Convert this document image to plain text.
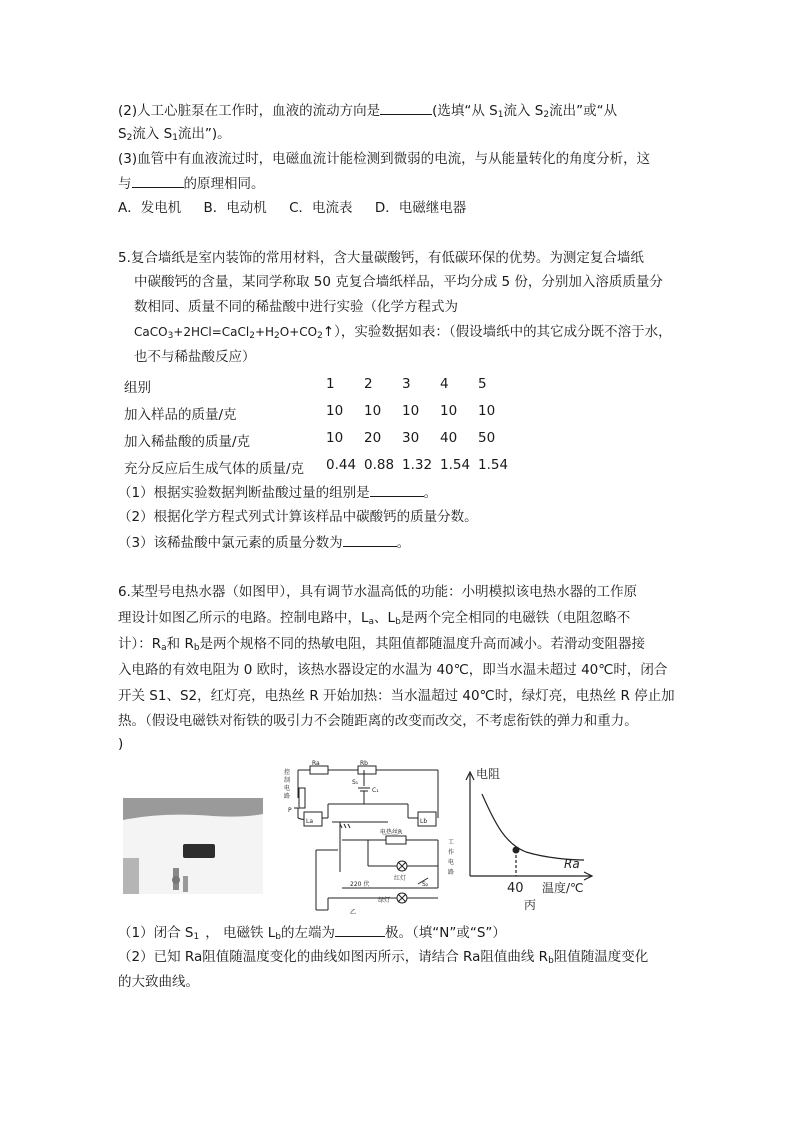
(2)人工心脏泵在工作时，血液的流动方向是	(选填“从 $S_1$流入 $S_2$流出”或“从
$S_2$流入 $S_1$流出”)。
(3)血管中有血液流过时，电磁血流计能检测到微弱的电流，与从能量转化的角度分析，这
与	的原理相同。
A．发电机 B．电动机 C．电流表 D．电磁继电器
5.复合墙纸是室内装饰的常用材料，含大量碳酸钙，有低碳环保的优势。为测定复合墙纸
中碳酸钙的含量，某同学称取 50 克复合墙纸样品，平均分成 5 份，分别加入溶质质量分
数相同、质量不同的稀盐酸中进行实验（化学方程式为
$CaCO_3+2HCl=CaCl_2+H_2O+CO_2↑$），实验数据如表：（假设墙纸中的其它成分既不溶于水，
也不与稀盐酸反应）
组别	1 2 3 4 5
加入样品的质量/克	10 10 10 10 10
加入稀盐酸的质量/克	10 20 30 40 50
充分反应后生成气体的质量/克 0.44 0.88 1.32 1.54 1.54
（1）根据实验数据判断盐酸过量的组别是	。
（2）根据化学方程式列式计算该样品中碳酸钙的质量分数。
（3）该稀盐酸中氯元素的质量分数为	。
6.某型号电热水器（如图甲），具有调节水温高低的功能：小明模拟该电热水器的工作原
理设计如图乙所示的电路。控制电路中，$L_a$、$L_b$是两个完全相同的电磁铁（电阻忽略不
计）：$R_a$和 $R_b$是两个规格不同的热敏电阻，其阻值都随温度升高而减小。若滑动变阻器接
入电路的有效电阻为 0 欧时，该热水器设定的水温为 40℃，即当水温未超过 40℃时，闭合
开关 S1、S2，红灯亮，电热丝 R 开始加热：当水温超过 40℃时，绿灯亮，电热丝 R 停止加
热。（假设电磁铁对衔铁的吸引力不会随距离的改变而改交，不考虑衔铁的弹力和重力。
)
Ra	Rb
S₁
C₁
La	Lb
P
控
制
电
路
工
作
电
路
电热丝R
红灯
220 伏	S₂
绿灯
乙
电阻
Ra
40 温度/℃
丙
（1）闭合 $S_1$ ， 电磁铁 $L_b$的左端为	极。（填“N”或“S”）
（2）已知 Ra阻值随温度变化的曲线如图丙所示，请结合 Ra阻值曲线 $R_b$阻值随温度变化
的大致曲线。
